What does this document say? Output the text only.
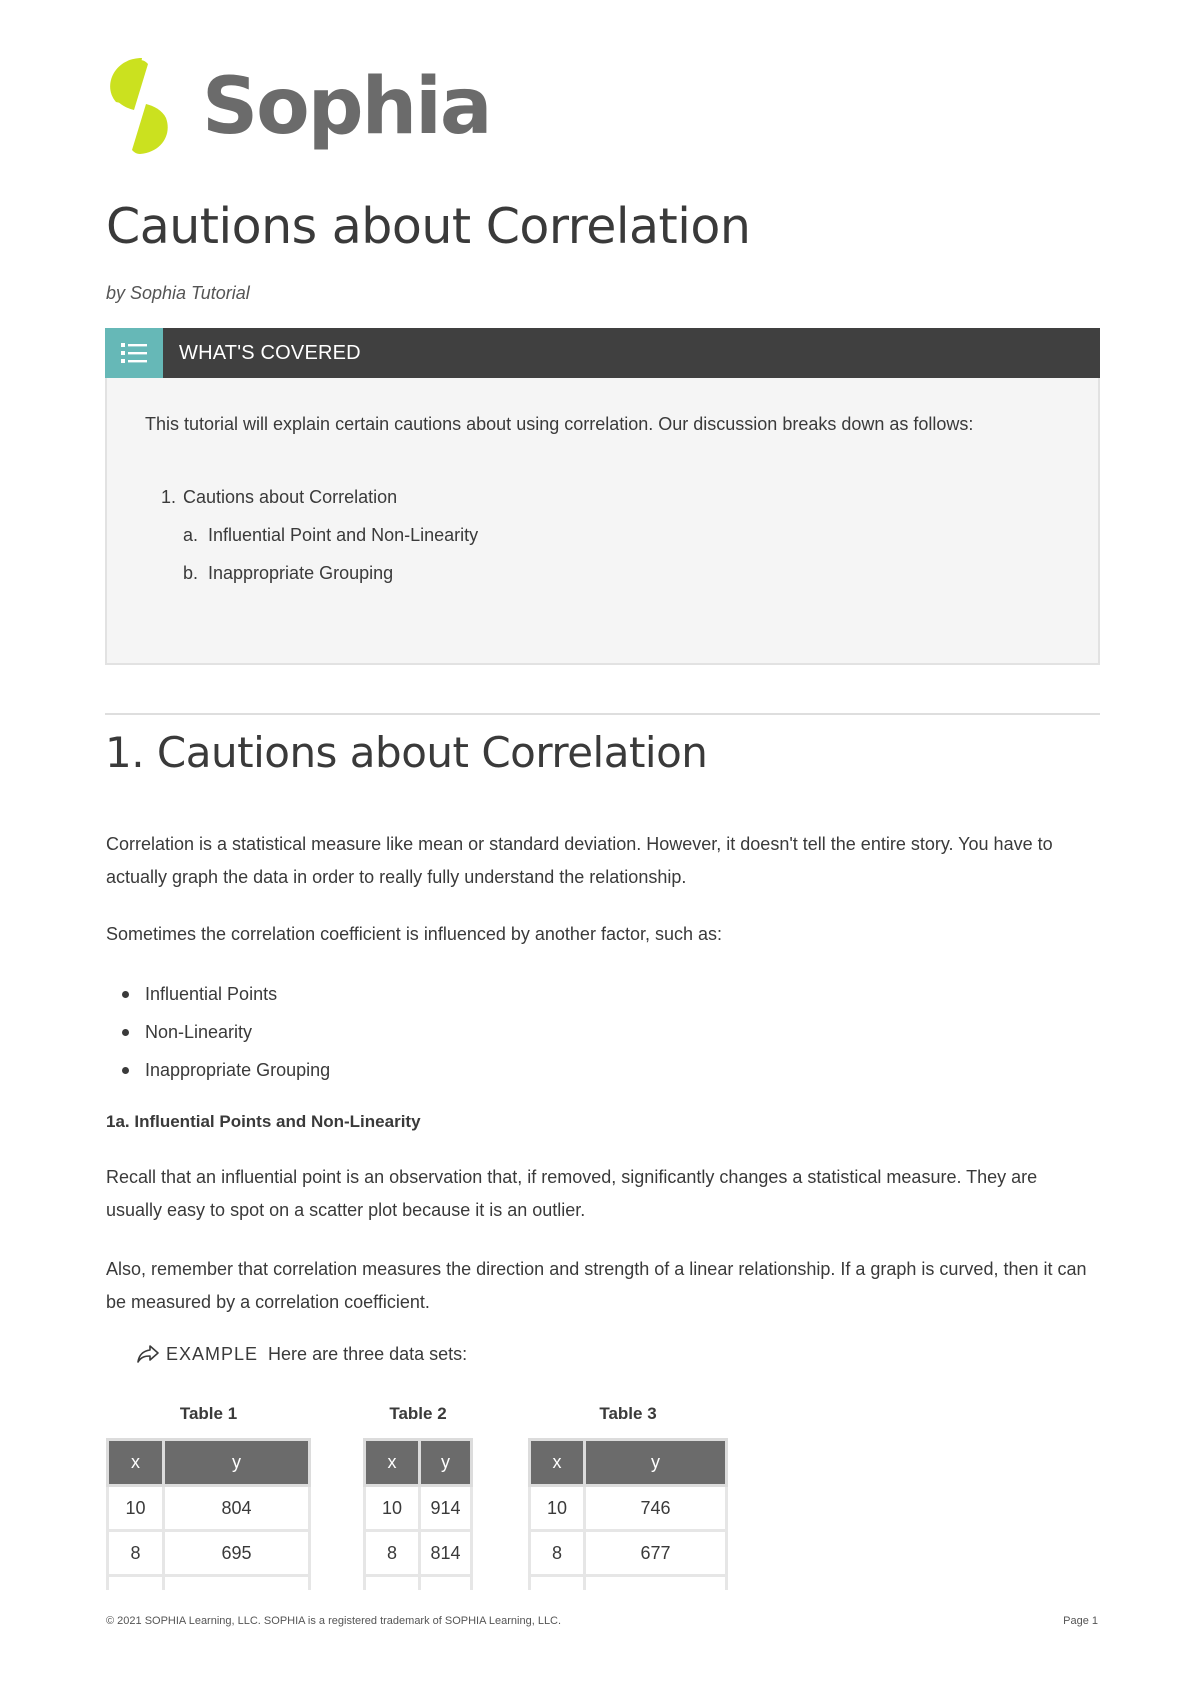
Sophia
Cautions about Correlation
by Sophia Tutorial
WHAT'S COVERED

This tutorial will explain certain cautions about using correlation. Our discussion breaks down as follows:

1. Cautions about Correlation
a. Influential Point and Non-Linearity
b. Inappropriate Grouping
1. Cautions about Correlation

Correlation is a statistical measure like mean or standard deviation. However, it doesn't tell the entire story. You have to actually graph the data in order to really fully understand the relationship.

Sometimes the correlation coefficient is influenced by another factor, such as:

Influential Points
Non-Linearity
Inappropriate Grouping
1a. Influential Points and Non-Linearity

Recall that an influential point is an observation that, if removed, significantly changes a statistical measure. They are usually easy to spot on a scatter plot because it is an outlier.

Also, remember that correlation measures the direction and strength of a linear relationship. If a graph is curved, then it can be measured by a correlation coefficient.

EXAMPLE Here are three data sets:
Table 1	Table 2	Table 3
x	y
10	804
8	695

x	y
10	914
8	814

x	y
10	746
8	677

© 2021 SOPHIA Learning, LLC. SOPHIA is a registered trademark of SOPHIA Learning, LLC.	Page 1
